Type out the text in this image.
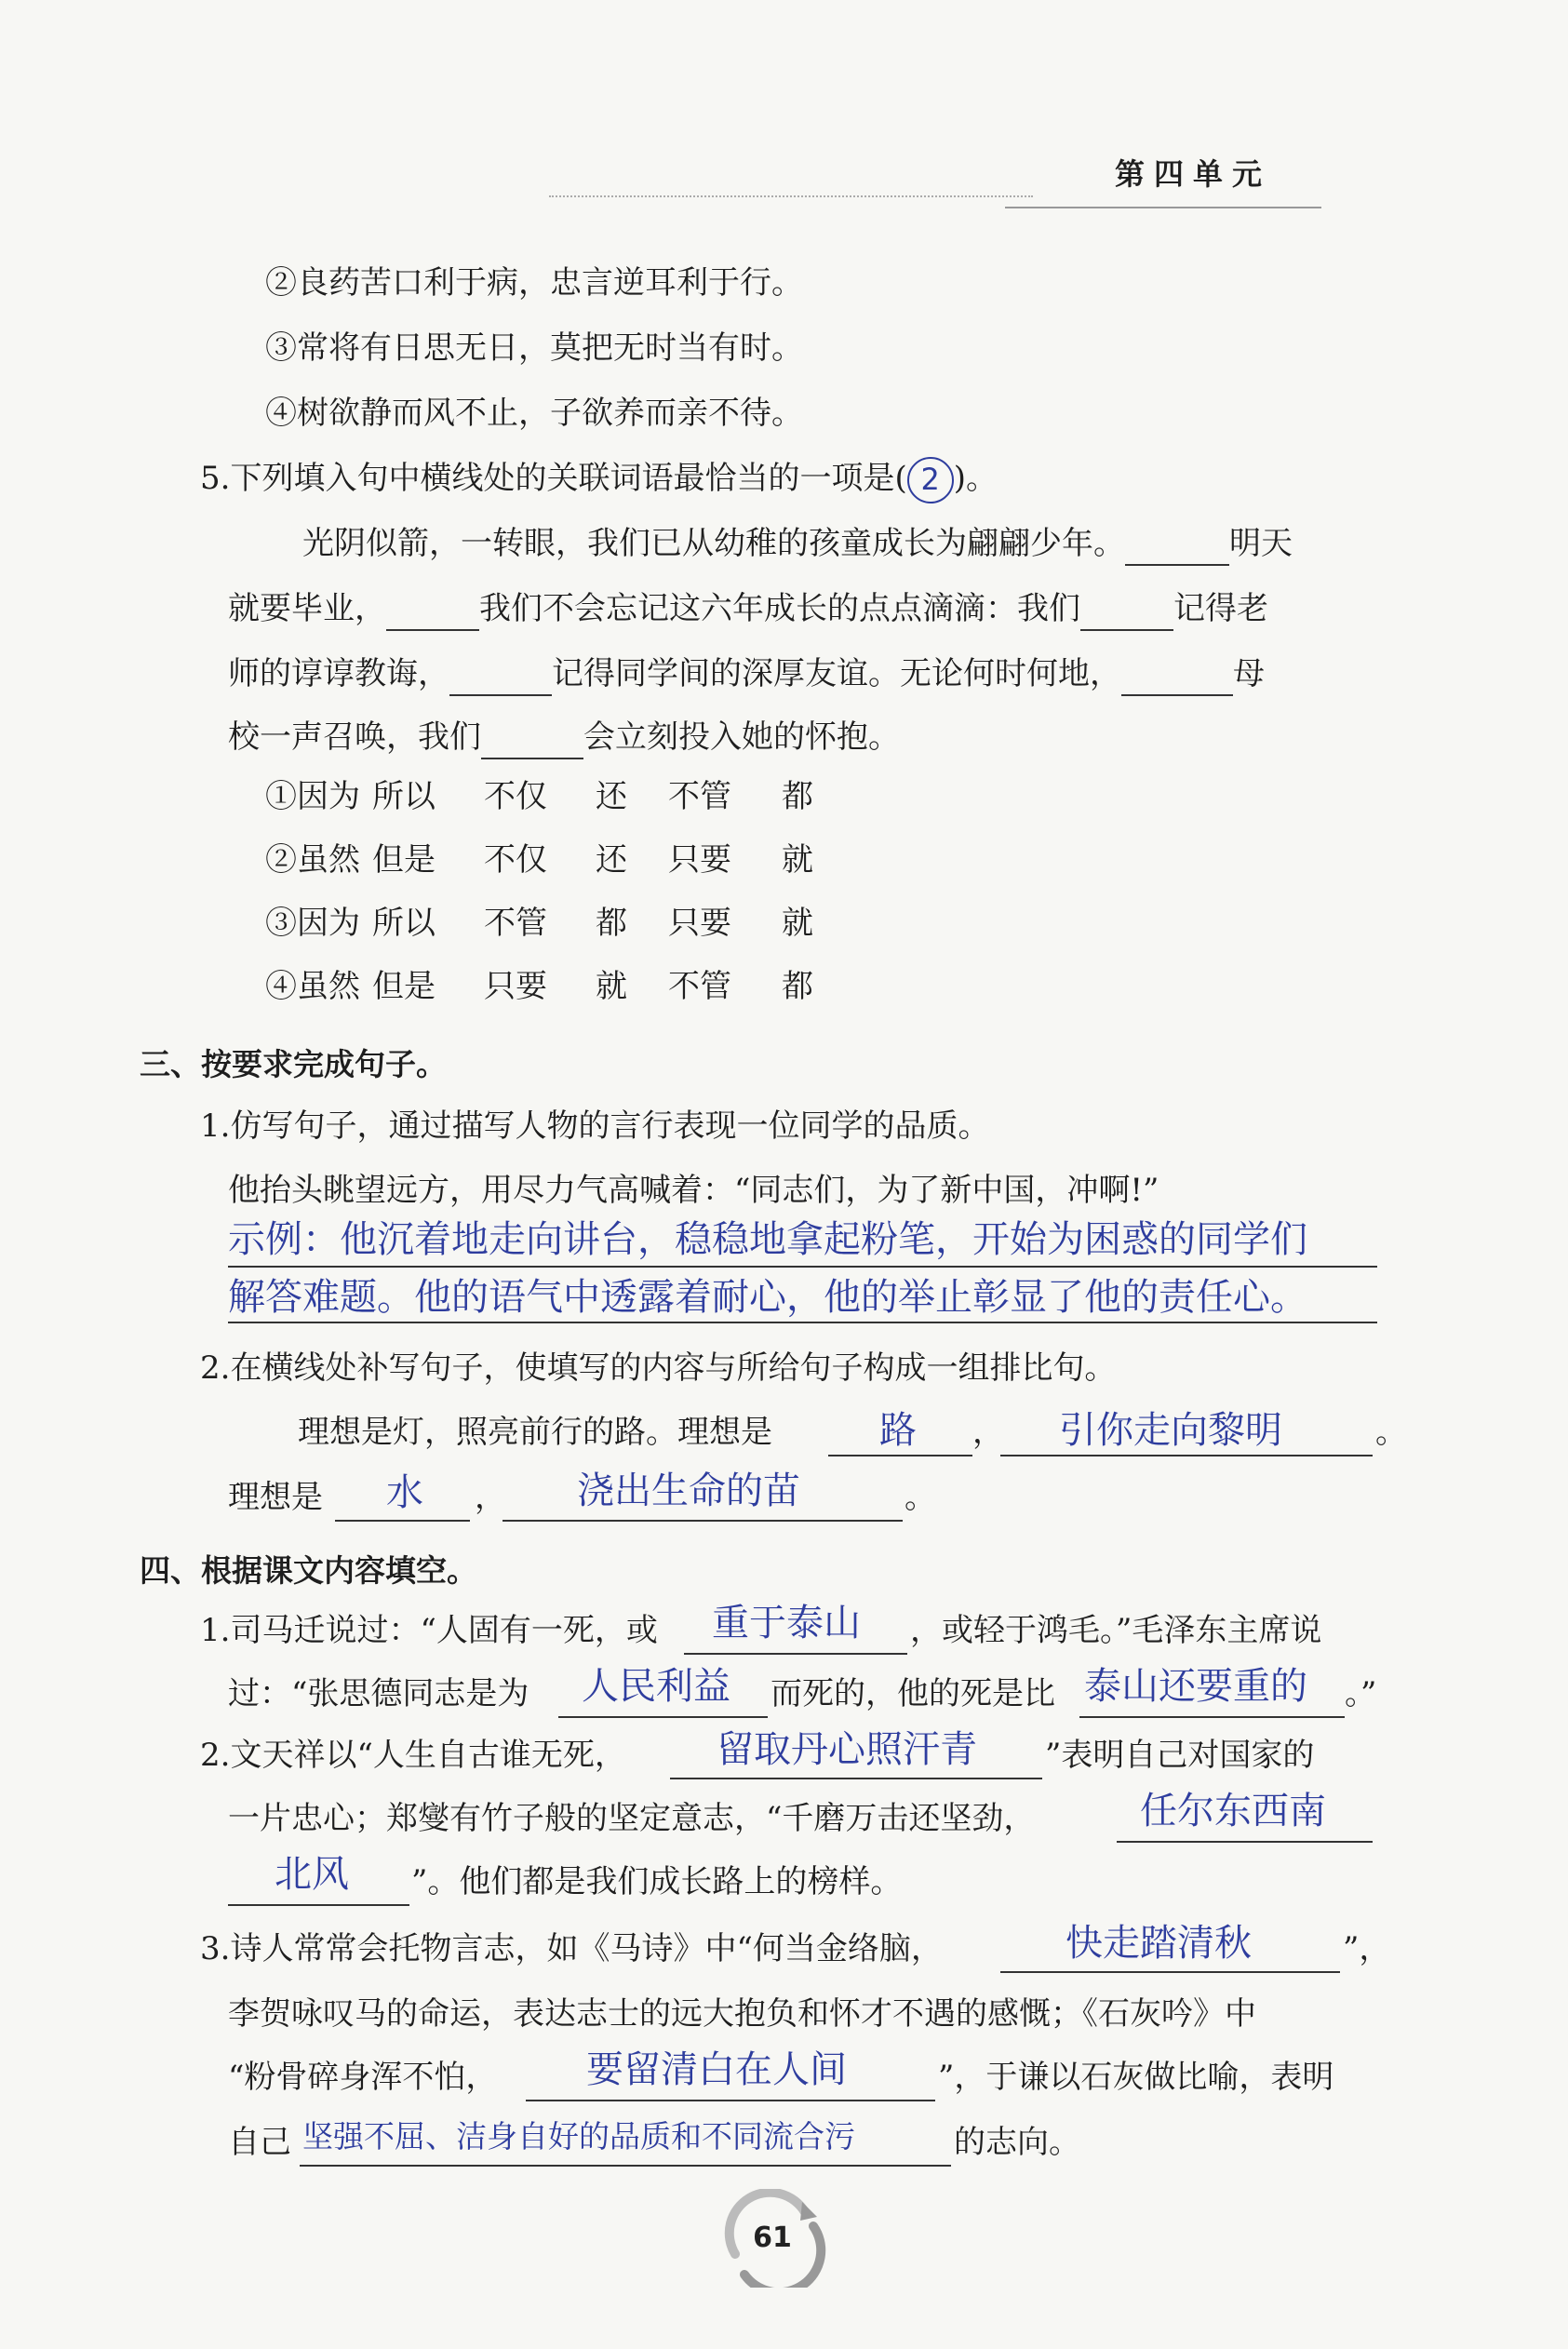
第四单元
②良药苦口利于病，忠言逆耳利于行。
③常将有日思无日，莫把无时当有时。
④树欲静而风不止，子欲养而亲不待。
5.下列填入句中横线处的关联词语最恰当的一项是( 2 )。
光阴似箭，一转眼，我们已从幼稚的孩童成长为翩翩少年。	明天
就要毕业，	我们不会忘记这六年成长的点点滴滴：我们	记得老
师的谆谆教诲，	记得同学间的深厚友谊。无论何时何地，	母
校一声召唤，我们	会立刻投入她的怀抱。
①因为 所以 不仅 还 不管 都
②虽然 但是 不仅 还 只要 就
③因为 所以 不管 都 只要 就
④虽然 但是 只要 就 不管 都
三、按要求完成句子。
1.仿写句子，通过描写人物的言行表现一位同学的品质。
他抬头眺望远方，用尽力气高喊着：“同志们，为了新中国，冲啊!”
示例：他沉着地走向讲台，稳稳地拿起粉笔，开始为困惑的同学们
解答难题。他的语气中透露着耐心，他的举止彰显了他的责任心。
2.在横线处补写句子，使填写的内容与所给句子构成一组排比句。
理想是灯，照亮前行的路。理想是	路 ， 引你走向黎明	。
理想是 水 ， 浇出生命的苗	。
四、根据课文内容填空。
1.司马迁说过：“人固有一死，或 重于泰山 ，或轻于鸿毛。”毛泽东主席说
过：“张思德同志是为 人民利益 而死的，他的死是比 泰山还要重的 。”
2.文天祥以“人生自古谁无死， 留取丹心照汗青 ”表明自己对国家的
一片忠心；郑燮有竹子般的坚定意志，“千磨万击还坚劲，	任尔东西南
北风 ”。他们都是我们成长路上的榜样。
3.诗人常常会托物言志，如《马诗》中“何当金络脑，	快走踏清秋	”，
李贺咏叹马的命运，表达志士的远大抱负和怀才不遇的感慨；《石灰吟》中
“粉骨碎身浑不怕， 要留清白在人间	”，于谦以石灰做比喻，表明
自己 坚强不屈、洁身自好的品质和不同流合污	的志向。
61
